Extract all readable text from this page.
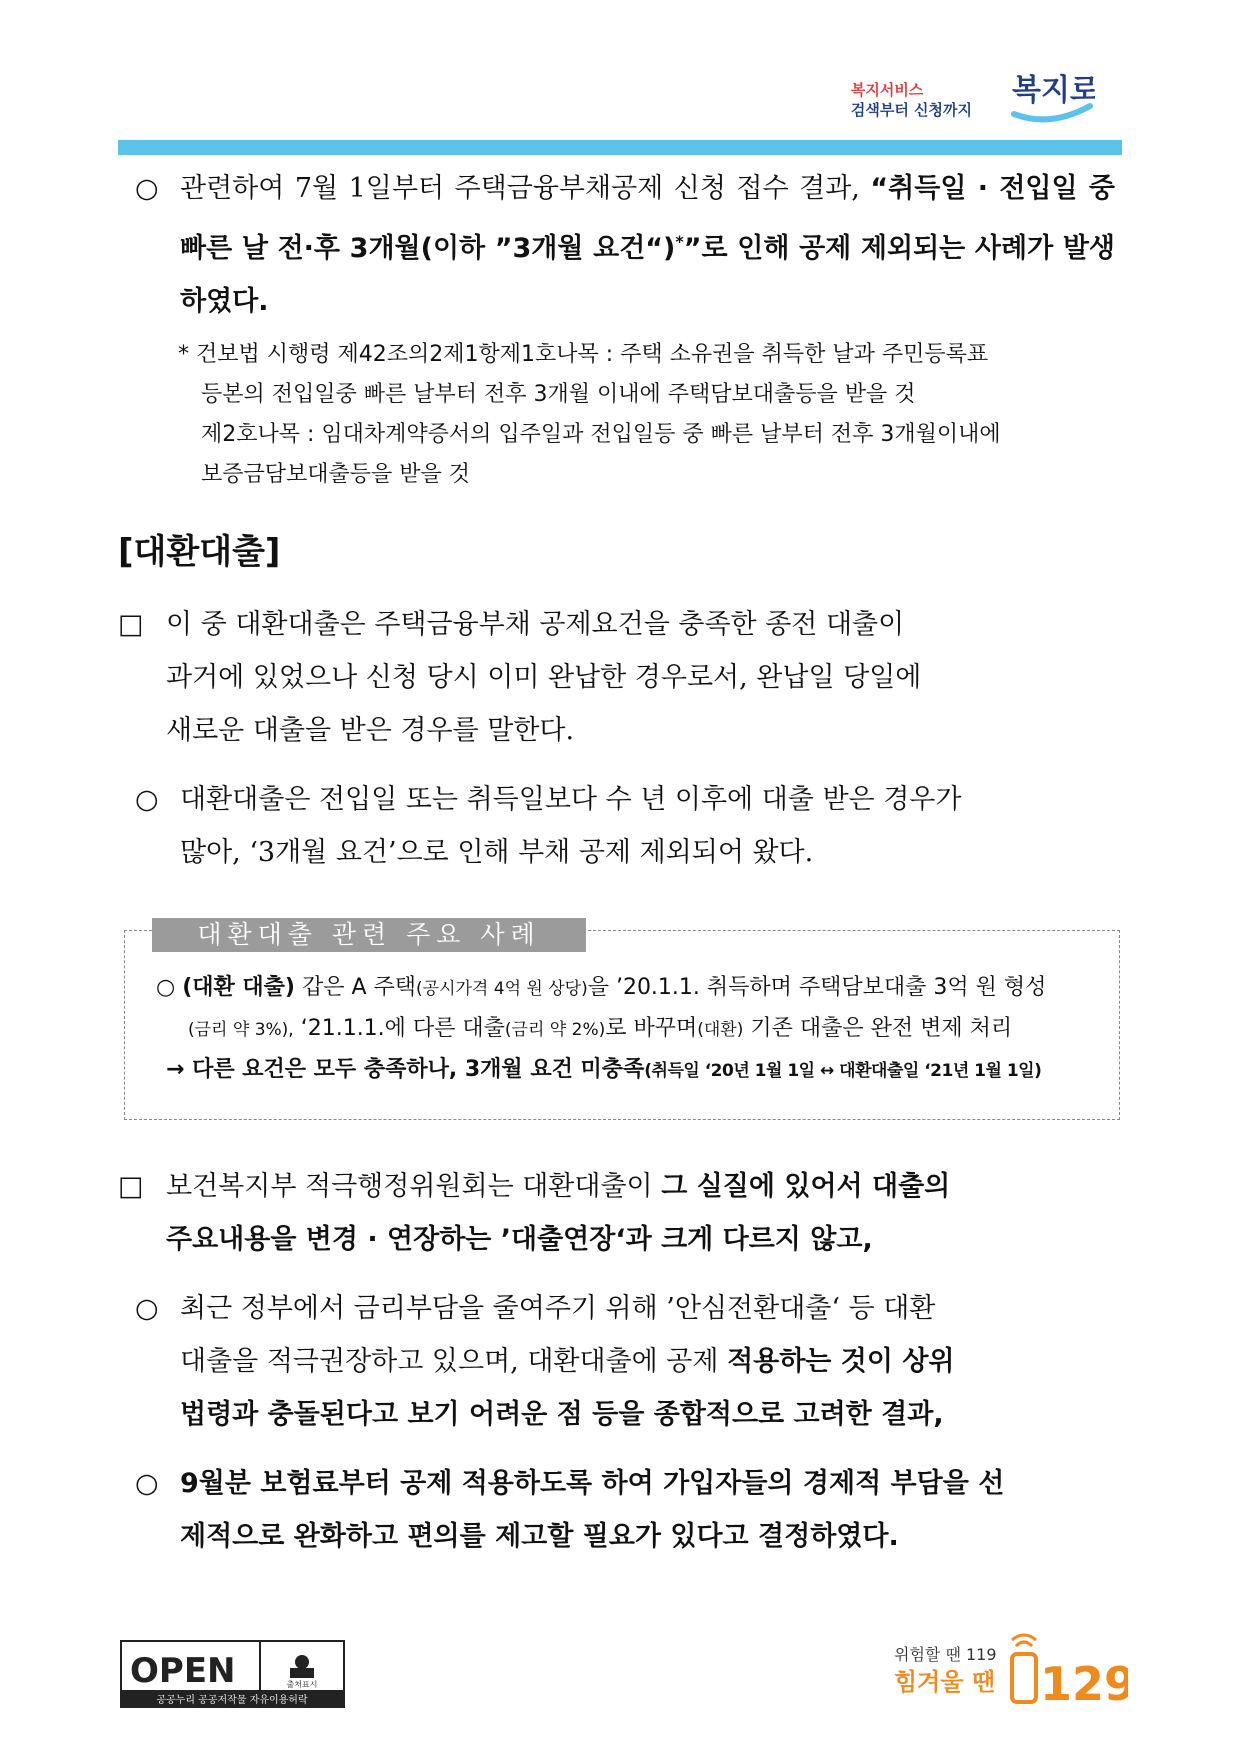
복지서비스
검색부터 신청까지
복지로
○ 관련하여 7월 1일부터 주택금융부채공제 신청 접수 결과, “취득일 · 전입일 중 빠른 날 전·후 3개월(이하 ”3개월 요건“)*”로 인해 공제 제외되는 사례가 발생하였다.
* 건보법 시행령 제42조의2제1항제1호나목 : 주택 소유권을 취득한 날과 주민등록표
등본의 전입일중 빠른 날부터 전후 3개월 이내에 주택담보대출등을 받을 것
제2호나목 : 임대차계약증서의 입주일과 전입일등 중 빠른 날부터 전후 3개월이내에
보증금담보대출등을 받을 것
[대환대출]
□ 이 중 대환대출은 주택금융부채 공제요건을 충족한 종전 대출이
과거에 있었으나 신청 당시 이미 완납한 경우로서, 완납일 당일에
새로운 대출을 받은 경우를 말한다.
○ 대환대출은 전입일 또는 취득일보다 수 년 이후에 대출 받은 경우가
많아, ‘3개월 요건’으로 인해 부채 공제 제외되어 왔다.
대환대출 관련 주요 사례
○ (대환 대출) 갑은 A 주택(공시가격 4억 원 상당)을 ’20.1.1. 취득하며 주택담보대출 3억 원 형성
(금리 약 3%), ‘21.1.1.에 다른 대출(금리 약 2%)로 바꾸며(대환) 기존 대출은 완전 변제 처리
→ 다른 요건은 모두 충족하나, 3개월 요건 미충족(취득일 ‘20년 1월 1일 ↔ 대환대출일 ‘21년 1월 1일)
□ 보건복지부 적극행정위원회는 대환대출이 그 실질에 있어서 대출의
주요내용을 변경 · 연장하는 ’대출연장‘과 크게 다르지 않고,
○ 최근 정부에서 금리부담을 줄여주기 위해 ’안심전환대출‘ 등 대환
대출을 적극권장하고 있으며, 대환대출에 공제 적용하는 것이 상위
법령과 충돌된다고 보기 어려운 점 등을 종합적으로 고려한 결과,
○ 9월분 보험료부터 공제 적용하도록 하여 가입자들의 경제적 부담을 선
제적으로 완화하고 편의를 제고할 필요가 있다고 결정하였다.
OPEN	출처표시
공공누리 공공저작물 자유이용허락
위험할 땐 119
힘겨울 땐 129
